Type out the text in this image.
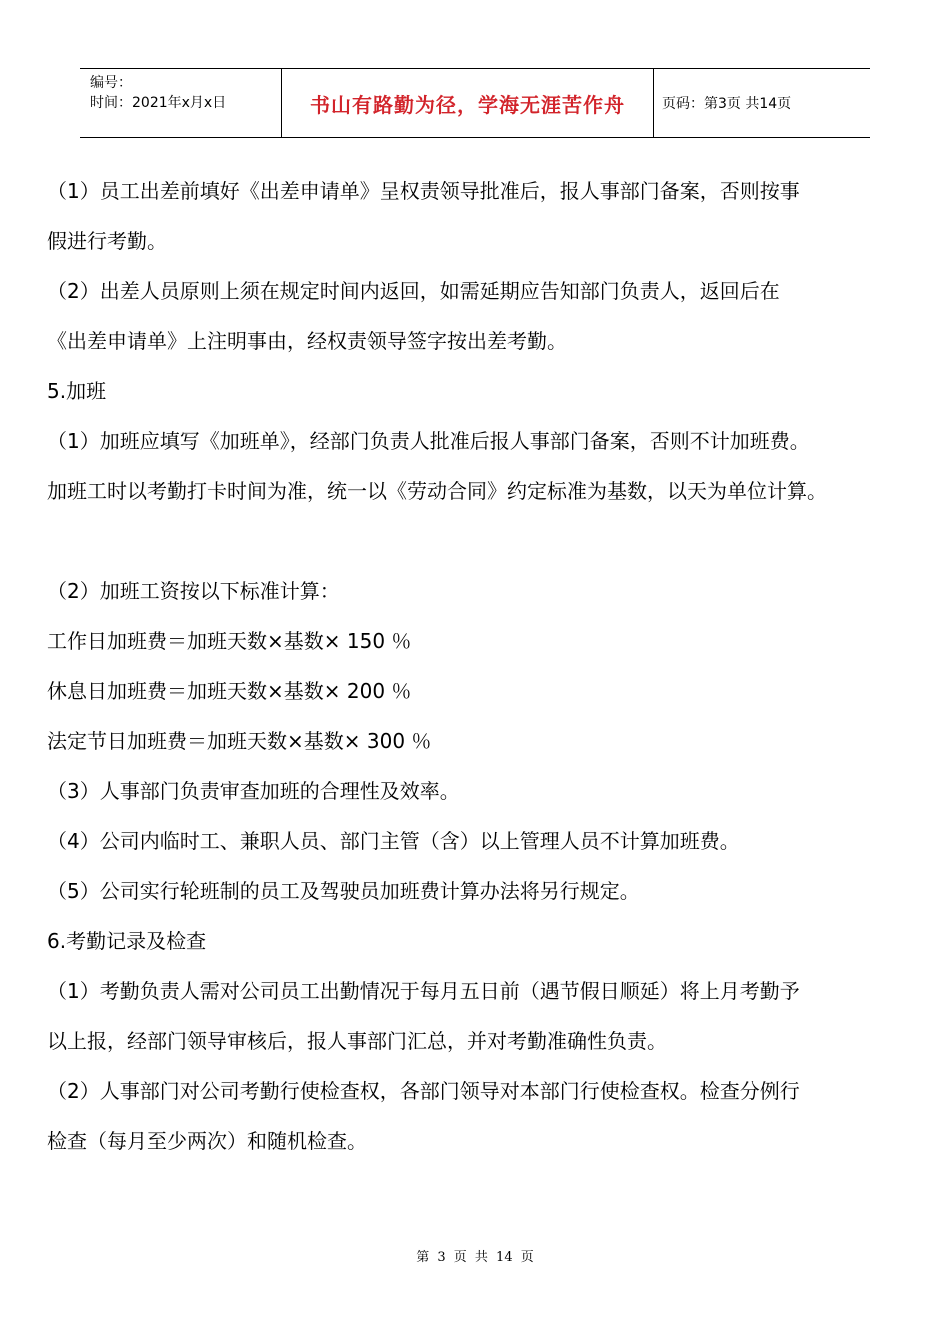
编号：
时间：2021年x月x日	书山有路勤为径，学海无涯苦作舟	页码：第3页 共14页

（1）员工出差前填好《出差申请单》呈权责领导批准后，报人事部门备案，否则按事

假进行考勤。

（2）出差人员原则上须在规定时间内返回，如需延期应告知部门负责人，返回后在

《出差申请单》上注明事由，经权责领导签字按出差考勤。

5.加班

（1）加班应填写《加班单》，经部门负责人批准后报人事部门备案，否则不计加班费。

加班工时以考勤打卡时间为准，统一以《劳动合同》约定标准为基数，以天为单位计算。

（2）加班工资按以下标准计算：

工作日加班费＝加班天数×基数× 150 ％

休息日加班费＝加班天数×基数× 200 ％

法定节日加班费＝加班天数×基数× 300 ％

（3）人事部门负责审查加班的合理性及效率。

（4）公司内临时工、兼职人员、部门主管（含）以上管理人员不计算加班费。

（5）公司实行轮班制的员工及驾驶员加班费计算办法将另行规定。

6.考勤记录及检查

（1）考勤负责人需对公司员工出勤情况于每月五日前（遇节假日顺延）将上月考勤予

以上报，经部门领导审核后，报人事部门汇总，并对考勤准确性负责。

（2）人事部门对公司考勤行使检查权，各部门领导对本部门行使检查权。检查分例行

检查（每月至少两次）和随机检查。

第 3 页 共 14 页
